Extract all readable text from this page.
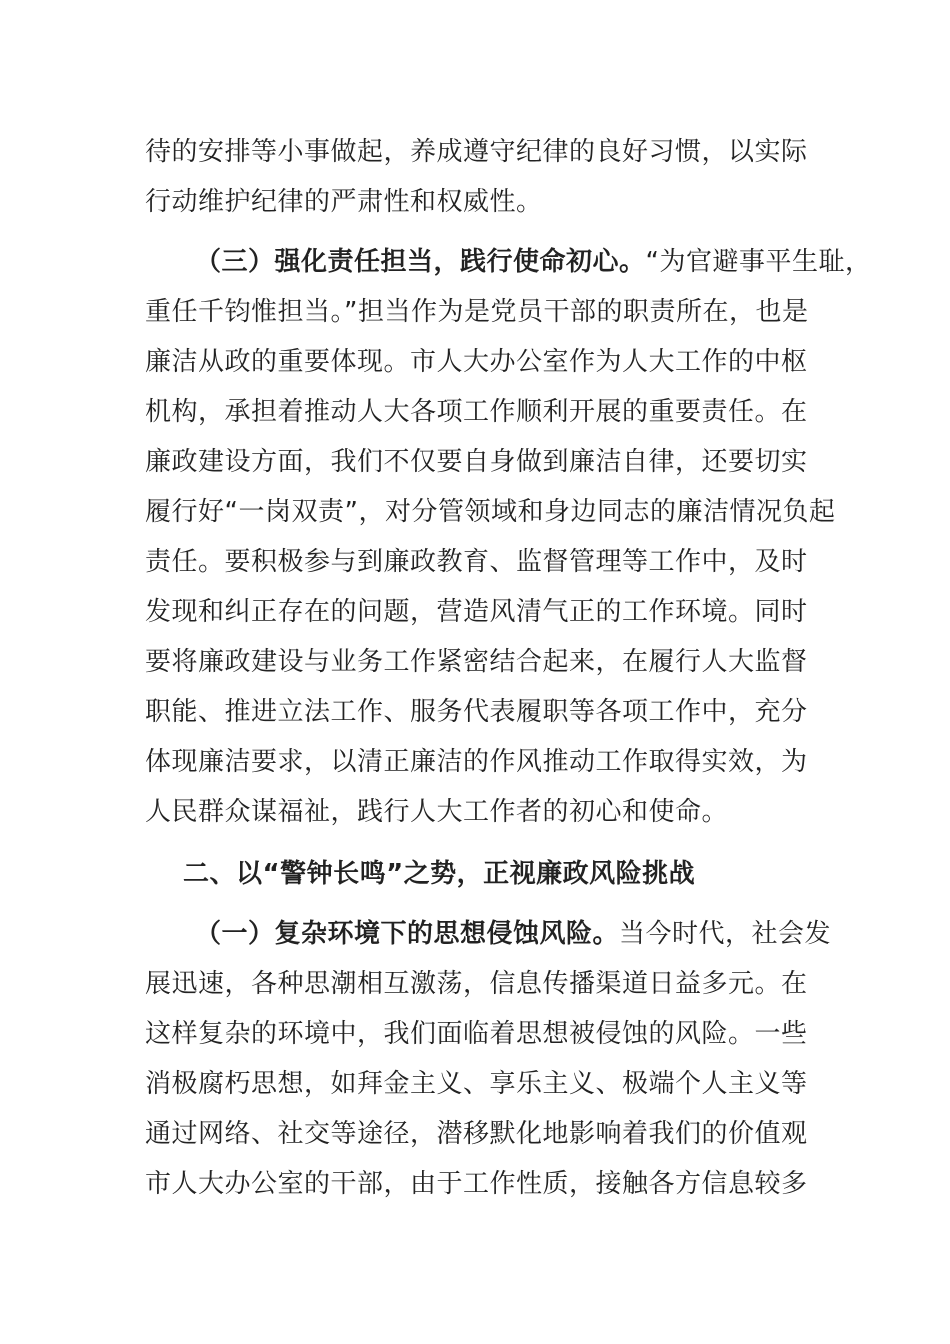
待的安排等小事做起，养成遵守纪律的良好习惯，以实际
行动维护纪律的严肃性和权威性。
（三）强化责任担当，践行使命初心。“为官避事平生耻，
重任千钧惟担当。”担当作为是党员干部的职责所在，也是
廉洁从政的重要体现。市人大办公室作为人大工作的中枢
机构，承担着推动人大各项工作顺利开展的重要责任。在
廉政建设方面，我们不仅要自身做到廉洁自律，还要切实
履行好“一岗双责”，对分管领域和身边同志的廉洁情况负起
责任。要积极参与到廉政教育、监督管理等工作中，及时
发现和纠正存在的问题，营造风清气正的工作环境。同时
要将廉政建设与业务工作紧密结合起来，在履行人大监督
职能、推进立法工作、服务代表履职等各项工作中，充分
体现廉洁要求，以清正廉洁的作风推动工作取得实效，为
人民群众谋福祉，践行人大工作者的初心和使命。
二、以“警钟长鸣”之势，正视廉政风险挑战
（一）复杂环境下的思想侵蚀风险。当今时代，社会发
展迅速，各种思潮相互激荡，信息传播渠道日益多元。在
这样复杂的环境中，我们面临着思想被侵蚀的风险。一些
消极腐朽思想，如拜金主义、享乐主义、极端个人主义等
通过网络、社交等途径，潜移默化地影响着我们的价值观
市人大办公室的干部，由于工作性质，接触各方信息较多
